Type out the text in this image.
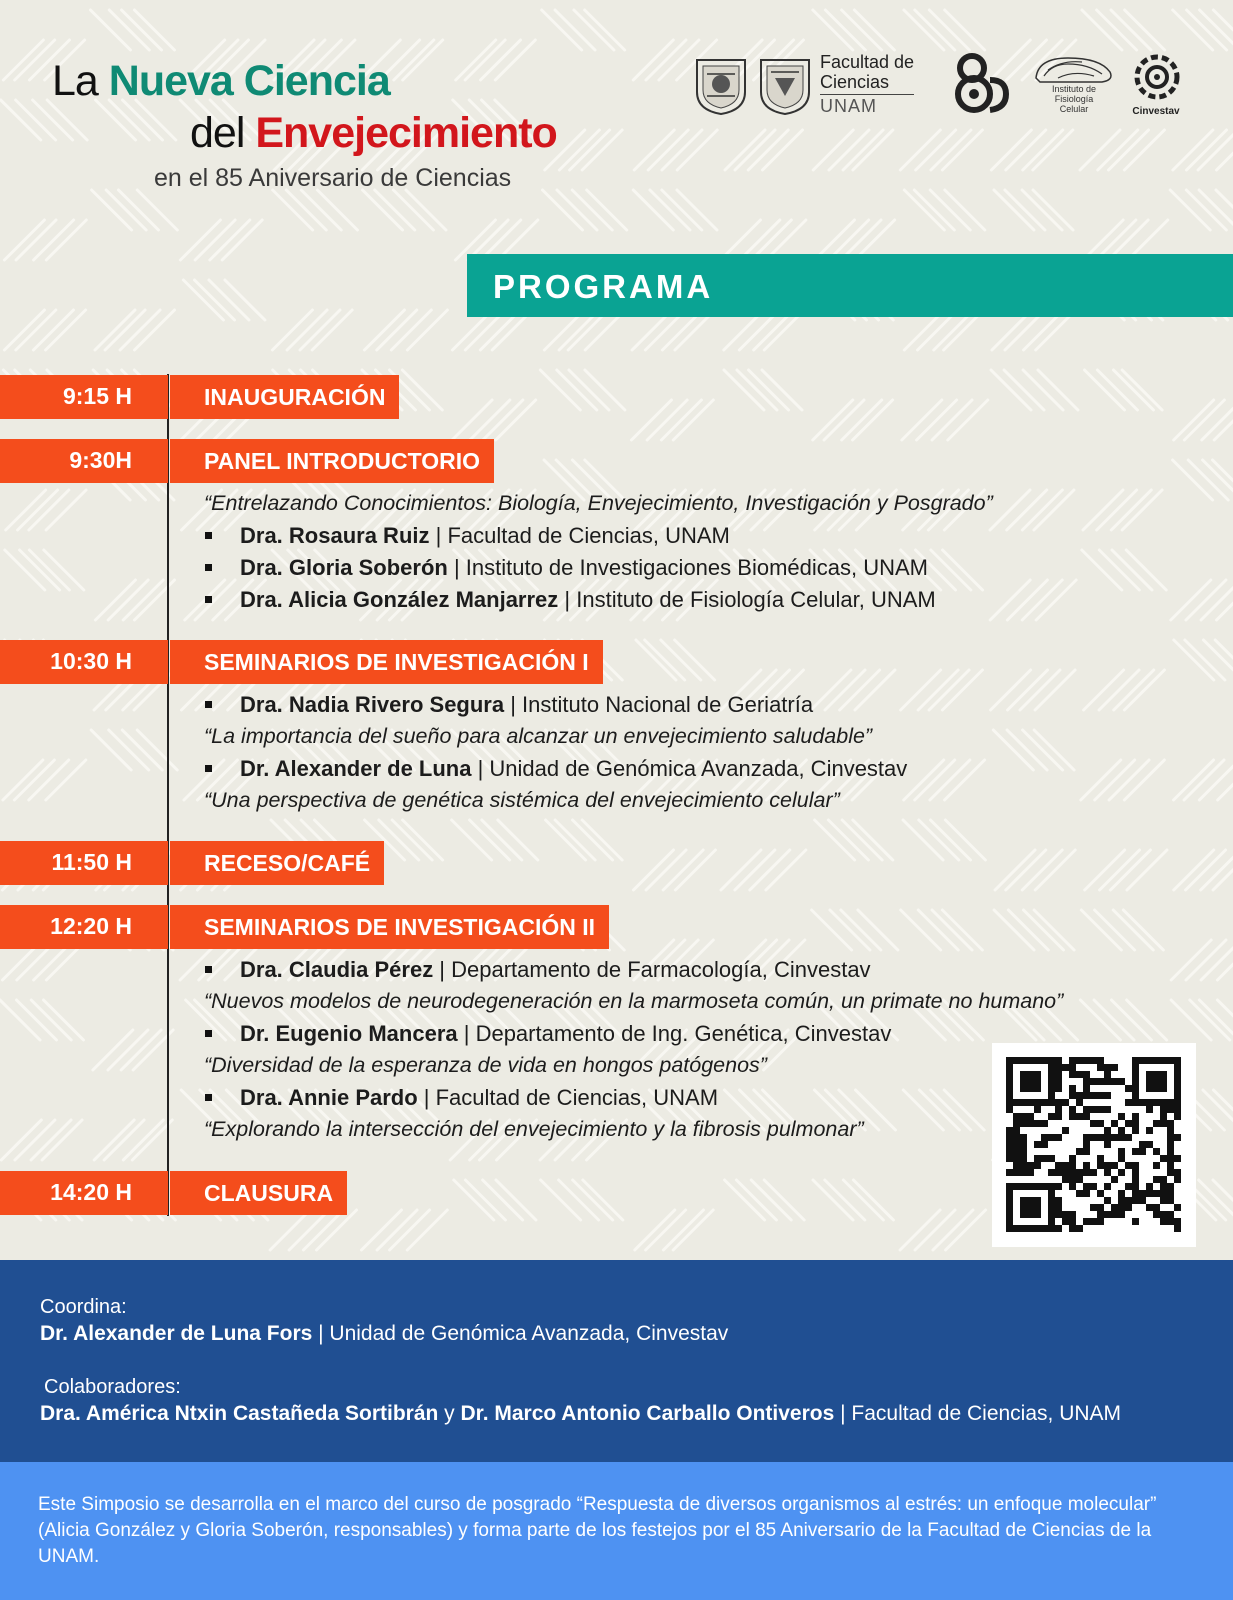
La Nueva Ciencia
del Envejecimiento
en el 85 Aniversario de Ciencias
Facultad de
Ciencias
UNAM
Instituto de
Fisiología
Celular	Cinvestav
PROGRAMA
9:15 H	INAUGURACIÓN
9:30H	PANEL INTRODUCTORIO
“Entrelazando Conocimientos: Biología, Envejecimiento, Investigación y Posgrado”
Dra. Rosaura Ruiz | Facultad de Ciencias, UNAM
Dra. Gloria Soberón | Instituto de Investigaciones Biomédicas, UNAM
Dra. Alicia González Manjarrez | Instituto de Fisiología Celular, UNAM
10:30 H	SEMINARIOS DE INVESTIGACIÓN I
Dra. Nadia Rivero Segura | Instituto Nacional de Geriatría
“La importancia del sueño para alcanzar un envejecimiento saludable”
Dr. Alexander de Luna | Unidad de Genómica Avanzada, Cinvestav
“Una perspectiva de genética sistémica del envejecimiento celular”
11:50 H	RECESO/CAFÉ
12:20 H	SEMINARIOS DE INVESTIGACIÓN II
Dra. Claudia Pérez | Departamento de Farmacología, Cinvestav
“Nuevos modelos de neurodegeneración en la marmoseta común, un primate no humano”
Dr. Eugenio Mancera | Departamento de Ing. Genética, Cinvestav
“Diversidad de la esperanza de vida en hongos patógenos”
Dra. Annie Pardo | Facultad de Ciencias, UNAM
“Explorando la intersección del envejecimiento y la fibrosis pulmonar”
14:20 H	CLAUSURA
Coordina:
Dr. Alexander de Luna Fors | Unidad de Genómica Avanzada, Cinvestav
Colaboradores:
Dra. América Ntxin Castañeda Sortibrán y Dr. Marco Antonio Carballo Ontiveros | Facultad de Ciencias, UNAM
Este Simposio se desarrolla en el marco del curso de posgrado “Respuesta de diversos organismos al estrés: un enfoque molecular” (Alicia González y Gloria Soberón, responsables) y forma parte de los festejos por el 85 Aniversario de la Facultad de Ciencias de la UNAM.
